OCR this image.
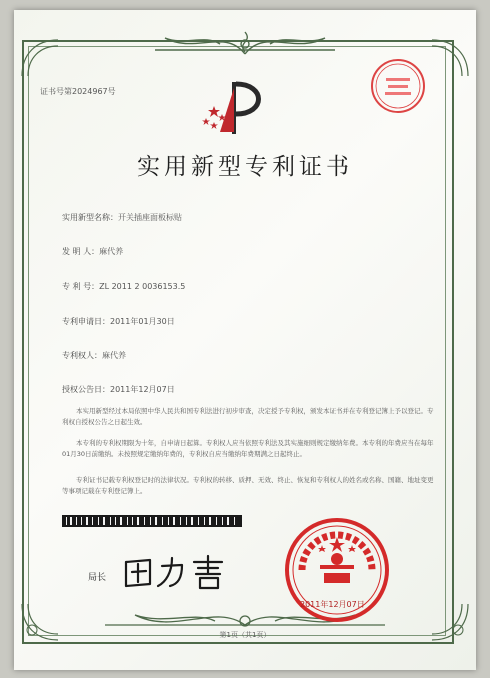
证书号第2024967号
实用新型专利证书
实用新型名称：开关插座面板标贴
发 明 人：麻代养
专 利 号：ZL 2011 2 0036153.5
专利申请日：2011年01月30日
专利权人：麻代养
授权公告日：2011年12月07日
本实用新型经过本局依照中华人民共和国专利法进行初步审查，决定授予专利权，颁发本证书并在专利登记簿上予以登记。专利权自授权公告之日起生效。
本专利的专利权期限为十年，自申请日起算。专利权人应当依照专利法及其实施细则规定缴纳年费。本专利的年费应当在每年01月30日前缴纳。未按照规定缴纳年费的，专利权自应当缴纳年费期满之日起终止。
专利证书记载专利权登记时的法律状况。专利权的转移、质押、无效、终止、恢复和专利权人的姓名或名称、国籍、地址变更等事项记载在专利登记簿上。
局长
2011年12月07日
第1页（共1页）
